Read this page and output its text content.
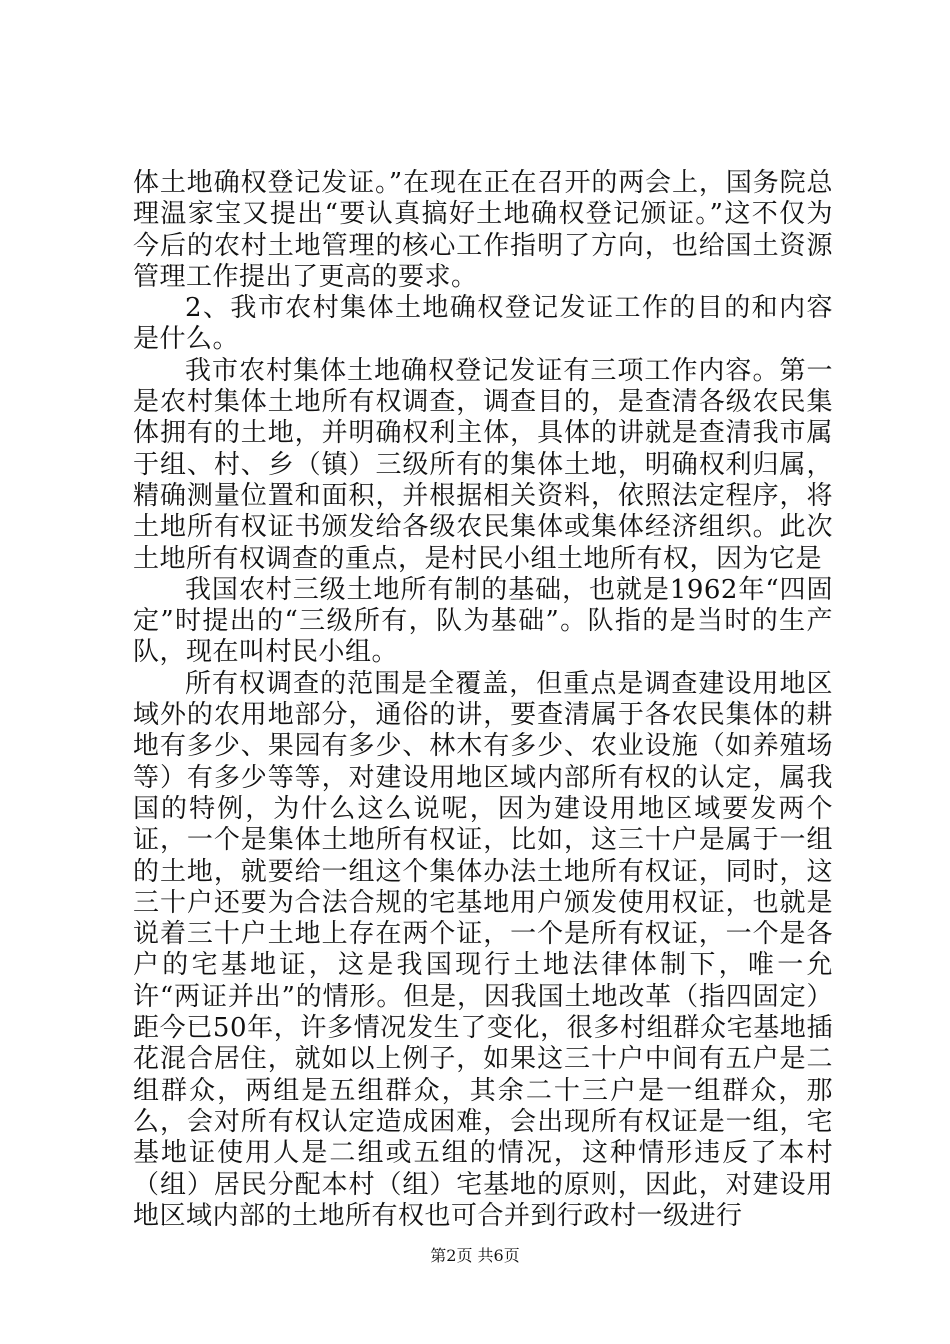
体土地确权登记发证。”在现在正在召开的两会上，国务院总理温家宝又提出“要认真搞好土地确权登记颁证。”这不仅为今后的农村土地管理的核心工作指明了方向，也给国土资源管理工作提出了更高的要求。

2、我市农村集体土地确权登记发证工作的目的和内容是什么。

我市农村集体土地确权登记发证有三项工作内容。第一是农村集体土地所有权调查，调查目的，是查清各级农民集体拥有的土地，并明确权利主体，具体的讲就是查清我市属于组、村、乡（镇）三级所有的集体土地，明确权利归属，精确测量位置和面积，并根据相关资料，依照法定程序，将土地所有权证书颁发给各级农民集体或集体经济组织。此次土地所有权调查的重点，是村民小组土地所有权，因为它是

我国农村三级土地所有制的基础，也就是1962年“四固定”时提出的“三级所有，队为基础”。队指的是当时的生产队，现在叫村民小组。

所有权调查的范围是全覆盖，但重点是调查建设用地区域外的农用地部分，通俗的讲，要查清属于各农民集体的耕地有多少、果园有多少、林木有多少、农业设施（如养殖场等）有多少等等，对建设用地区域内部所有权的认定，属我国的特例，为什么这么说呢，因为建设用地区域要发两个证，一个是集体土地所有权证，比如，这三十户是属于一组的土地，就要给一组这个集体办法土地所有权证，同时，这三十户还要为合法合规的宅基地用户颁发使用权证，也就是说着三十户土地上存在两个证，一个是所有权证，一个是各户的宅基地证，这是我国现行土地法律体制下，唯一允许“两证并出”的情形。但是，因我国土地改革（指四固定）距今已50年，许多情况发生了变化，很多村组群众宅基地插花混合居住，就如以上例子，如果这三十户中间有五户是二组群众，两组是五组群众，其余二十三户是一组群众，那么，会对所有权认定造成困难，会出现所有权证是一组，宅基地证使用人是二组或五组的情况，这种情形违反了本村（组）居民分配本村（组）宅基地的原则，因此，对建设用地区域内部的土地所有权也可合并到行政村一级进行

第2页 共6页
